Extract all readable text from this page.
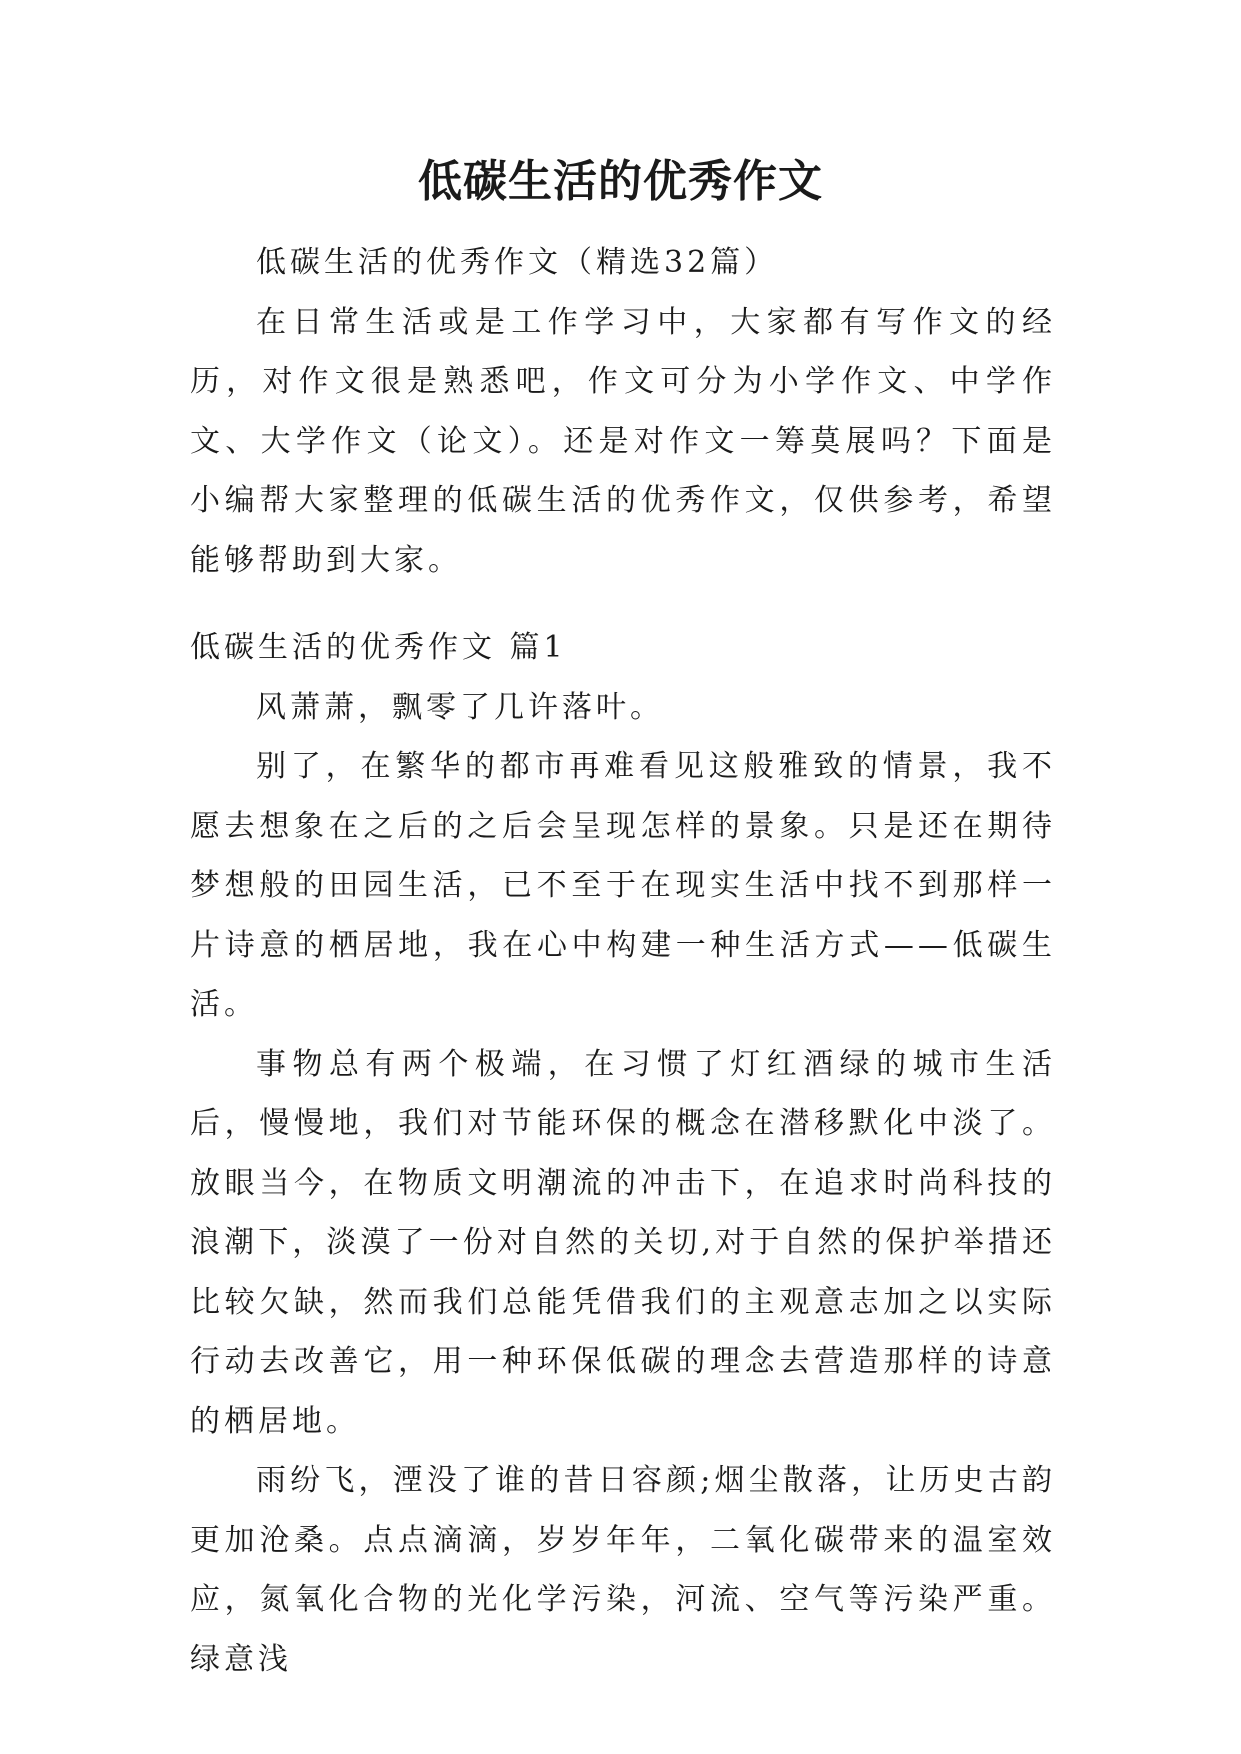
低碳生活的优秀作文

低碳生活的优秀作文（精选32篇）

在日常生活或是工作学习中，大家都有写作文的经历，对作文很是熟悉吧，作文可分为小学作文、中学作文、大学作文（论文）。还是对作文一筹莫展吗？下面是小编帮大家整理的低碳生活的优秀作文，仅供参考，希望能够帮助到大家。

低碳生活的优秀作文 篇1

风萧萧，飘零了几许落叶。

别了，在繁华的都市再难看见这般雅致的情景，我不愿去想象在之后的之后会呈现怎样的景象。只是还在期待梦想般的田园生活，已不至于在现实生活中找不到那样一片诗意的栖居地，我在心中构建一种生活方式——低碳生活。

事物总有两个极端，在习惯了灯红酒绿的城市生活后，慢慢地，我们对节能环保的概念在潜移默化中淡了。放眼当今，在物质文明潮流的冲击下，在追求时尚科技的浪潮下，淡漠了一份对自然的关切,对于自然的保护举措还比较欠缺，然而我们总能凭借我们的主观意志加之以实际行动去改善它，用一种环保低碳的理念去营造那样的诗意的栖居地。

雨纷飞，湮没了谁的昔日容颜;烟尘散落，让历史古韵更加沧桑。点点滴滴，岁岁年年，二氧化碳带来的温室效应，氮氧化合物的光化学污染，河流、空气等污染严重。绿意浅
